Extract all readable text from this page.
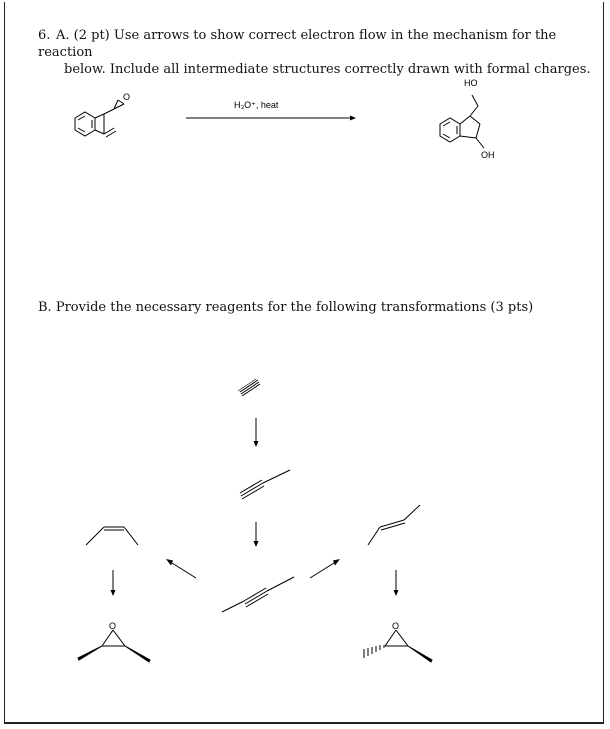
6. A. (2 pt) Use arrows to show correct electron flow in the mechanism for the reaction
below. Include all intermediate structures correctly drawn with formal charges.
B. Provide the necessary reagents for the following transformations (3 pts)
O
H₃O⁺, heat
HO
OH
O	O
